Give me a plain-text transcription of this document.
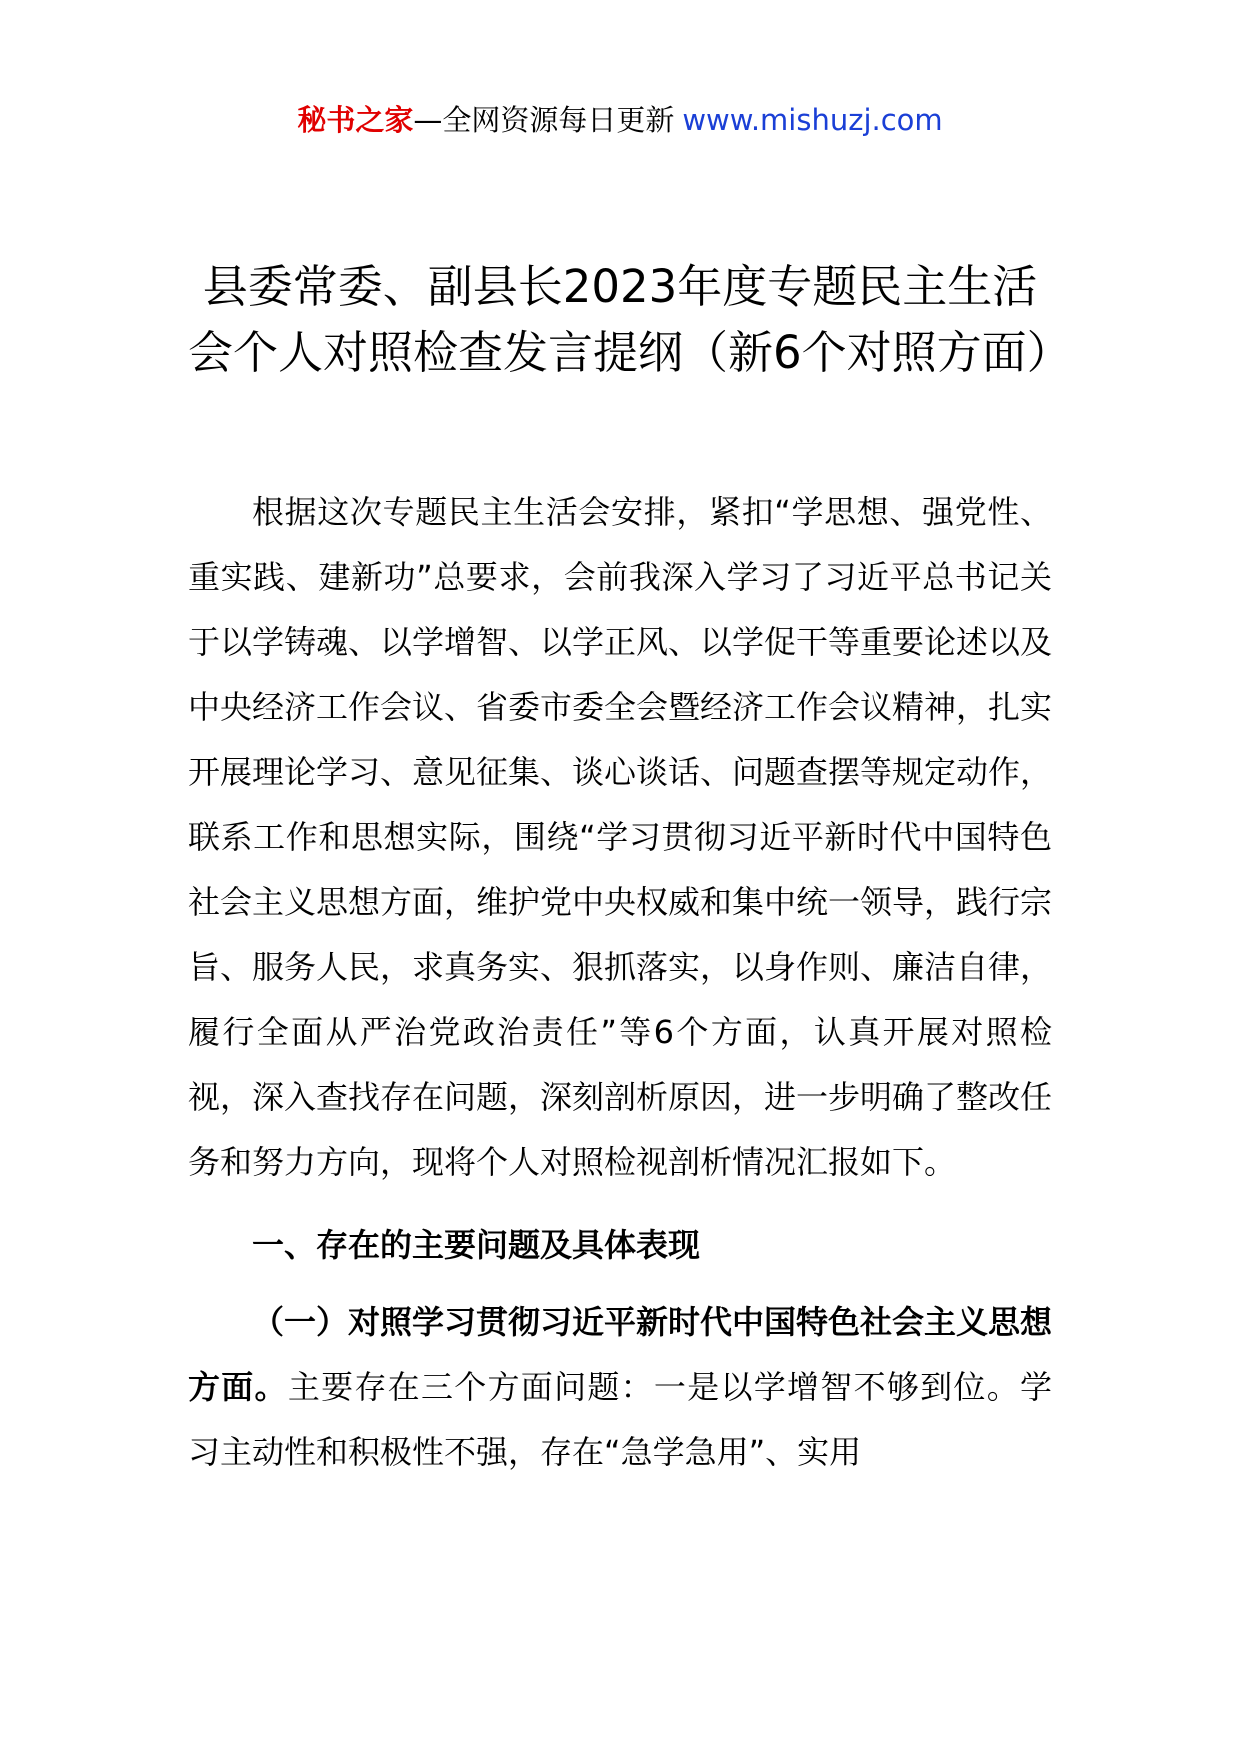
秘书之家—全网资源每日更新 www.mishuzj.com
县委常委、副县长2023年度专题民主生活会个人对照检查发言提纲（新6个对照方面）

根据这次专题民主生活会安排，紧扣“学思想、强党性、重实践、建新功”总要求，会前我深入学习了习近平总书记关于以学铸魂、以学增智、以学正风、以学促干等重要论述以及中央经济工作会议、省委市委全会暨经济工作会议精神，扎实开展理论学习、意见征集、谈心谈话、问题查摆等规定动作，联系工作和思想实际，围绕“学习贯彻习近平新时代中国特色社会主义思想方面，维护党中央权威和集中统一领导，践行宗旨、服务人民，求真务实、狠抓落实，以身作则、廉洁自律，履行全面从严治党政治责任”等6个方面，认真开展对照检视，深入查找存在问题，深刻剖析原因，进一步明确了整改任务和努力方向，现将个人对照检视剖析情况汇报如下。

一、存在的主要问题及具体表现

（一）对照学习贯彻习近平新时代中国特色社会主义思想方面。主要存在三个方面问题：一是以学增智不够到位。学习主动性和积极性不强，存在“急学急用”、实用
